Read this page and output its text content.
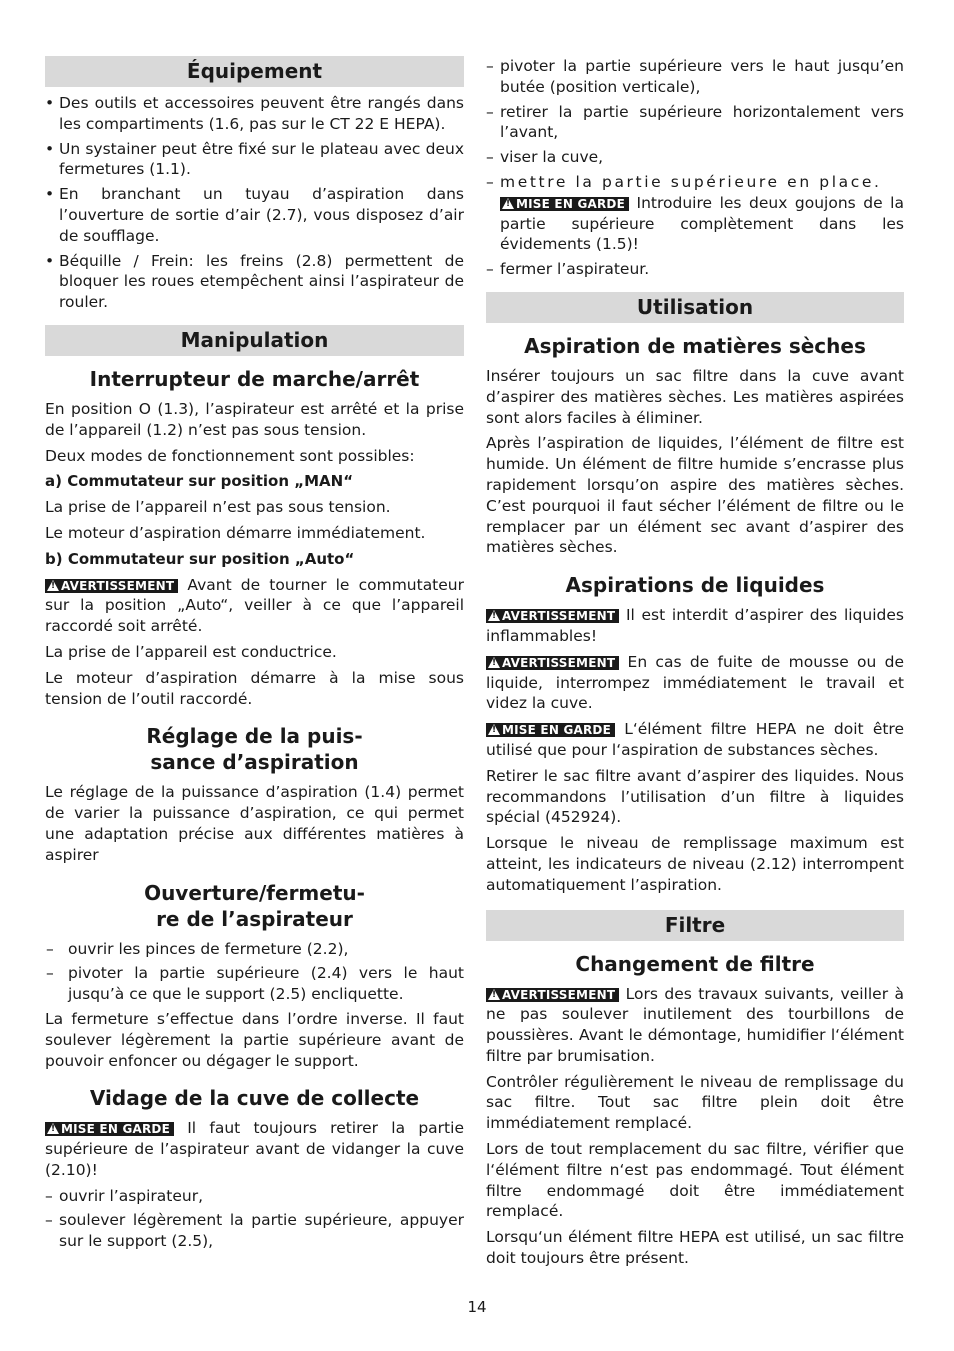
Équipement
• Des outils et accessoires peuvent être rangés dans les compartiments (1.6, pas sur le CT 22 E HEPA).
• Un systainer peut être fixé sur le plateau avec deux fermetures (1.1).
• En branchant un tuyau d’aspiration dans l’ouverture de sortie d’air (2.7), vous disposez d’air de soufflage.
• Béquille / Frein: les freins (2.8) permettent de bloquer les roues etempêchent ainsi l’aspirateur de rouler.
Manipulation
Interrupteur de marche/arrêt

En position O (1.3), l’aspirateur est arrêté et la prise de l’appareil (1.2) n’est pas sous tension.

Deux modes de fonctionnement sont possibles:

a) Commutateur sur position „MAN“

La prise de l’appareil n’est pas sous tension.

Le moteur d’aspiration démarre immédiatement.

b) Commutateur sur position „Auto“

!AVERTISSEMENT Avant de tourner le commutateur sur la position „Auto“, veiller à ce que l’appareil raccordé soit arrêté.

La prise de l’appareil est conductrice.

Le moteur d’aspiration démarre à la mise sous tension de l’outil raccordé.

Réglage de la puis-
sance d’aspiration

Le réglage de la puissance d’aspiration (1.4) permet de varier la puissance d’aspiration, ce qui permet une adaptation précise aux différentes matières à aspirer

Ouverture/fermetu-
re de l’aspirateur
– ouvrir les pinces de fermeture (2.2),
– pivoter la partie supérieure (2.4) vers le haut jusqu’à ce que le support (2.5) encliquette.

La fermeture s’effectue dans l’ordre inverse. Il faut soulever légèrement la partie supérieure avant de pouvoir enfoncer ou dégager le support.

Vidage de la cuve de collecte

!MISE EN GARDE Il faut toujours retirer la partie supérieure de l’aspirateur avant de vidanger la cuve (2.10)!

– ouvrir l’aspirateur,
– soulever légèrement la partie supérieure, appuyer sur le support (2.5),
– pivoter la partie supérieure vers le haut jusqu’en butée (position verticale),
– retirer la partie supérieure horizontalement vers l’avant,
– viser la cuve,
– mettre la partie supérieure en place.
!MISE EN GARDE Introduire les deux goujons de la partie supérieure complètement dans les évidements (1.5)!
– fermer l’aspirateur.
Utilisation
Aspiration de matières sèches

Insérer toujours un sac filtre dans la cuve avant d’aspirer des matières sèches. Les matières aspirées sont alors faciles à éliminer.

Après l’aspiration de liquides, l’élément de filtre est humide. Un élément de filtre humide s’encrasse plus rapidement lorsqu’on aspire des matières sèches. C’est pourquoi il faut sécher l’élément de filtre ou le remplacer par un élément sec avant d’aspirer des matières sèches.

Aspirations de liquides

!AVERTISSEMENT Il est interdit d’aspirer des liquides inflammables!

!AVERTISSEMENT En cas de fuite de mousse ou de liquide, interrompez immédiatement le travail et videz la cuve.

!MISE EN GARDE L‘élément filtre HEPA ne doit être utilisé que pour l‘aspiration de substances sèches.

Retirer le sac filtre avant d’aspirer des liquides. Nous recommandons l’utilisation d’un filtre à liquides spécial (452924).

Lorsque le niveau de remplissage maximum est atteint, les indicateurs de niveau (2.12) interrompent automatiquement l’aspiration.

Filtre
Changement de filtre

!AVERTISSEMENT Lors des travaux suivants, veiller à ne pas soulever inutilement des tourbillons de poussières. Avant le démontage, humidifier l‘élément filtre par brumisation.

Contrôler régulièrement le niveau de remplissage du sac filtre. Tout sac filtre plein doit être immédiatement remplacé.

Lors de tout remplacement du sac filtre, vérifier que l‘élément filtre n‘est pas endommagé. Tout élément filtre endommagé doit être immédiatement remplacé.

Lorsqu‘un élément filtre HEPA est utilisé, un sac filtre doit toujours être présent.

14
